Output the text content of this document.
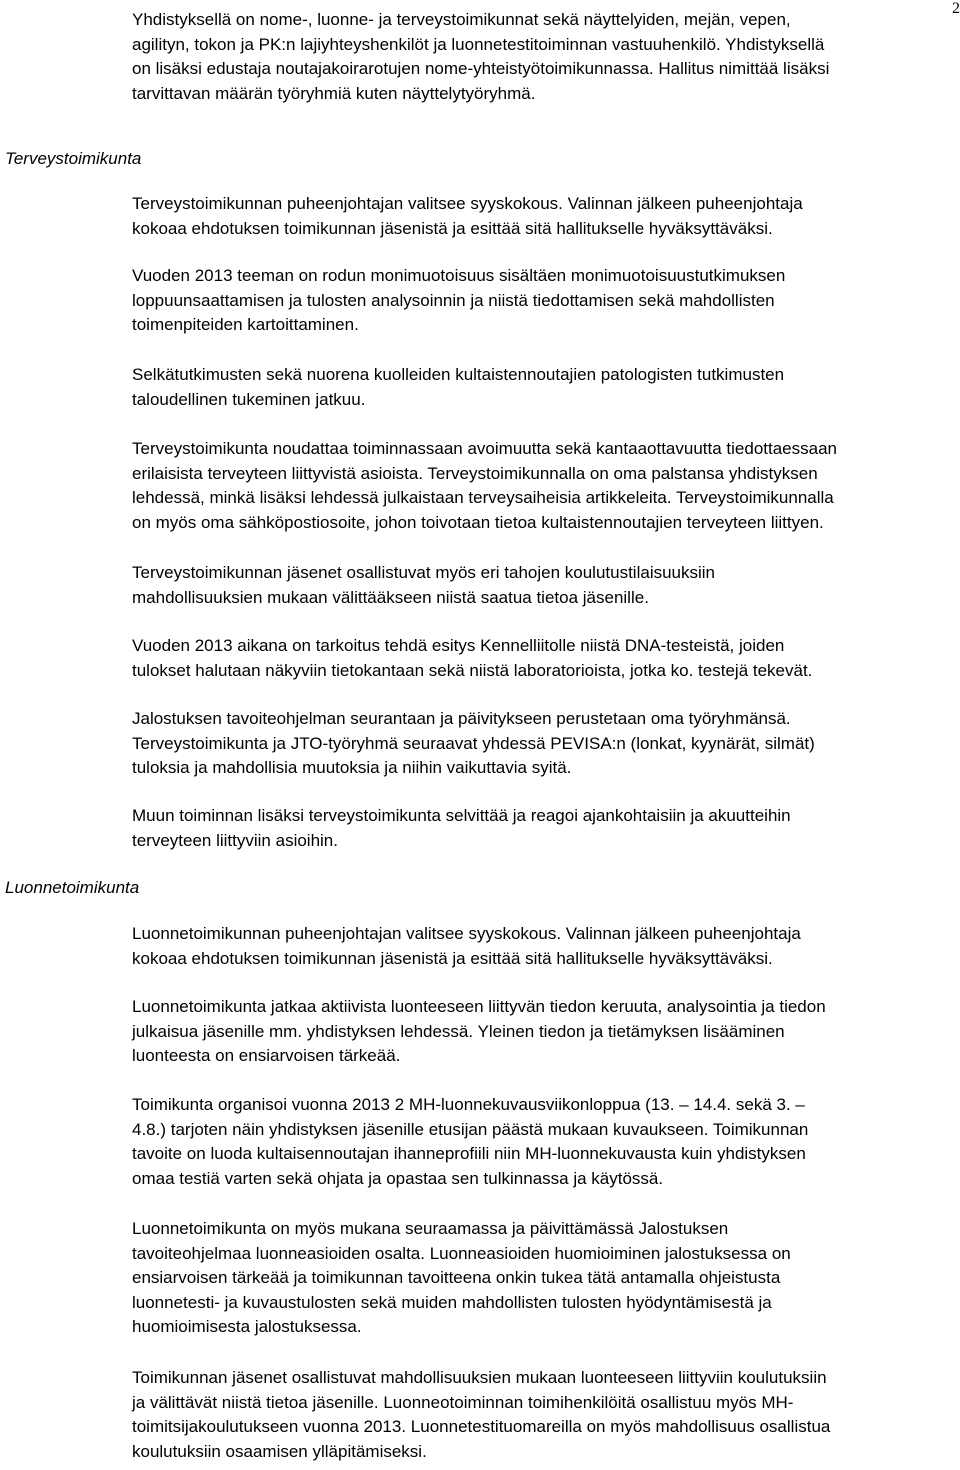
2

Yhdistyksellä on nome-, luonne- ja terveystoimikunnat sekä näyttelyiden, mejän, vepen,
agilityn, tokon ja PK:n lajiyhteyshenkilöt ja luonnetestitoiminnan vastuuhenkilö. Yhdistyksellä
on lisäksi edustaja noutajakoirarotujen nome-yhteistyötoimikunnassa. Hallitus nimittää lisäksi
tarvittavan määrän työryhmiä kuten näyttelytyöryhmä.

Terveystoimikunta

Terveystoimikunnan puheenjohtajan valitsee syyskokous. Valinnan jälkeen puheenjohtaja
kokoaa ehdotuksen toimikunnan jäsenistä ja esittää sitä hallitukselle hyväksyttäväksi.

Vuoden 2013 teeman on rodun monimuotoisuus sisältäen monimuotoisuustutkimuksen
loppuunsaattamisen ja tulosten analysoinnin ja niistä tiedottamisen sekä mahdollisten
toimenpiteiden kartoittaminen.

Selkätutkimusten sekä nuorena kuolleiden kultaistennoutajien patologisten tutkimusten
taloudellinen tukeminen jatkuu.

Terveystoimikunta noudattaa toiminnassaan avoimuutta sekä kantaaottavuutta tiedottaessaan
erilaisista terveyteen liittyvistä asioista. Terveystoimikunnalla on oma palstansa yhdistyksen
lehdessä, minkä lisäksi lehdessä julkaistaan terveysaiheisia artikkeleita. Terveystoimikunnalla
on myös oma sähköpostiosoite, johon toivotaan tietoa kultaistennoutajien terveyteen liittyen.

Terveystoimikunnan jäsenet osallistuvat myös eri tahojen koulutustilaisuuksiin
mahdollisuuksien mukaan välittääkseen niistä saatua tietoa jäsenille.

Vuoden 2013 aikana on tarkoitus tehdä esitys Kennelliitolle niistä DNA-testeistä, joiden
tulokset halutaan näkyviin tietokantaan sekä niistä laboratorioista, jotka ko. testejä tekevät.

Jalostuksen tavoiteohjelman seurantaan ja päivitykseen perustetaan oma työryhmänsä.
Terveystoimikunta ja JTO-työryhmä seuraavat yhdessä PEVISA:n (lonkat, kyynärät, silmät)
tuloksia ja mahdollisia muutoksia ja niihin vaikuttavia syitä.

Muun toiminnan lisäksi terveystoimikunta selvittää ja reagoi ajankohtaisiin ja akuutteihin
terveyteen liittyviin asioihin.

Luonnetoimikunta

Luonnetoimikunnan puheenjohtajan valitsee syyskokous. Valinnan jälkeen puheenjohtaja
kokoaa ehdotuksen toimikunnan jäsenistä ja esittää sitä hallitukselle hyväksyttäväksi.

Luonnetoimikunta jatkaa aktiivista luonteeseen liittyvän tiedon keruuta, analysointia ja tiedon
julkaisua jäsenille mm. yhdistyksen lehdessä. Yleinen tiedon ja tietämyksen lisääminen
luonteesta on ensiarvoisen tärkeää.

Toimikunta organisoi vuonna 2013 2 MH-luonnekuvausviikonloppua (13. – 14.4. sekä 3. –
4.8.) tarjoten näin yhdistyksen jäsenille etusijan päästä mukaan kuvaukseen. Toimikunnan
tavoite on luoda kultaisennoutajan ihanneprofiili niin MH-luonnekuvausta kuin yhdistyksen
omaa testiä varten sekä ohjata ja opastaa sen tulkinnassa ja käytössä.

Luonnetoimikunta on myös mukana seuraamassa ja päivittämässä Jalostuksen
tavoiteohjelmaa luonneasioiden osalta. Luonneasioiden huomioiminen jalostuksessa on
ensiarvoisen tärkeää ja toimikunnan tavoitteena onkin tukea tätä antamalla ohjeistusta
luonnetesti- ja kuvaustulosten sekä muiden mahdollisten tulosten hyödyntämisestä ja
huomioimisesta jalostuksessa.

Toimikunnan jäsenet osallistuvat mahdollisuuksien mukaan luonteeseen liittyviin koulutuksiin
ja välittävät niistä tietoa jäsenille. Luonneotoiminnan toimihenkilöitä osallistuu myös MH-
toimitsijakoulutukseen vuonna 2013. Luonnetestituomareilla on myös mahdollisuus osallistua
koulutuksiin osaamisen ylläpitämiseksi.
